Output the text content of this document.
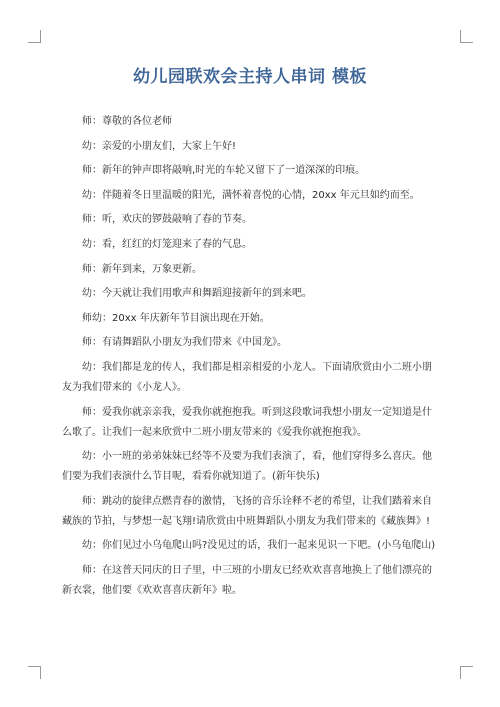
幼儿园联欢会主持人串词 模板

师：尊敬的各位老师

幼：亲爱的小朋友们，大家上午好!

师：新年的钟声即将敲响,时光的车轮又留下了一道深深的印痕。

幼：伴随着冬日里温暖的阳光，满怀着喜悦的心情，20xx 年元旦如约而至。

师：听，欢庆的锣鼓敲响了春的节奏。

幼：看，红红的灯笼迎来了春的气息。

师：新年到来，万象更新。

幼：今天就让我们用歌声和舞蹈迎接新年的到来吧。

师幼：20xx 年庆新年节目演出现在开始。

师：有请舞蹈队小朋友为我们带来《中国龙》。

幼：我们都是龙的传人，我们都是相亲相爱的小龙人。下面请欣赏由小二班小朋友为我们带来的《小龙人》。

师：爱我你就亲亲我，爱我你就抱抱我。听到这段歌词我想小朋友一定知道是什么歌了。让我们一起来欣赏中二班小朋友带来的《爱我你就抱抱我》。

幼：小一班的弟弟妹妹已经等不及要为我们表演了，看，他们穿得多么喜庆。他们要为我们表演什么节目呢，看看你就知道了。(新年快乐)

师：跳动的旋律点燃青春的激情，飞扬的音乐诠释不老的希望，让我们踏着来自藏族的节拍，与梦想一起飞翔!请欣赏由中班舞蹈队小朋友为我们带来的《藏族舞》!

幼：你们见过小乌龟爬山吗?没见过的话，我们一起来见识一下吧。(小乌龟爬山)

师：在这普天同庆的日子里，中三班的小朋友已经欢欢喜喜地换上了他们漂亮的新衣裳，他们要《欢欢喜喜庆新年》啦。
